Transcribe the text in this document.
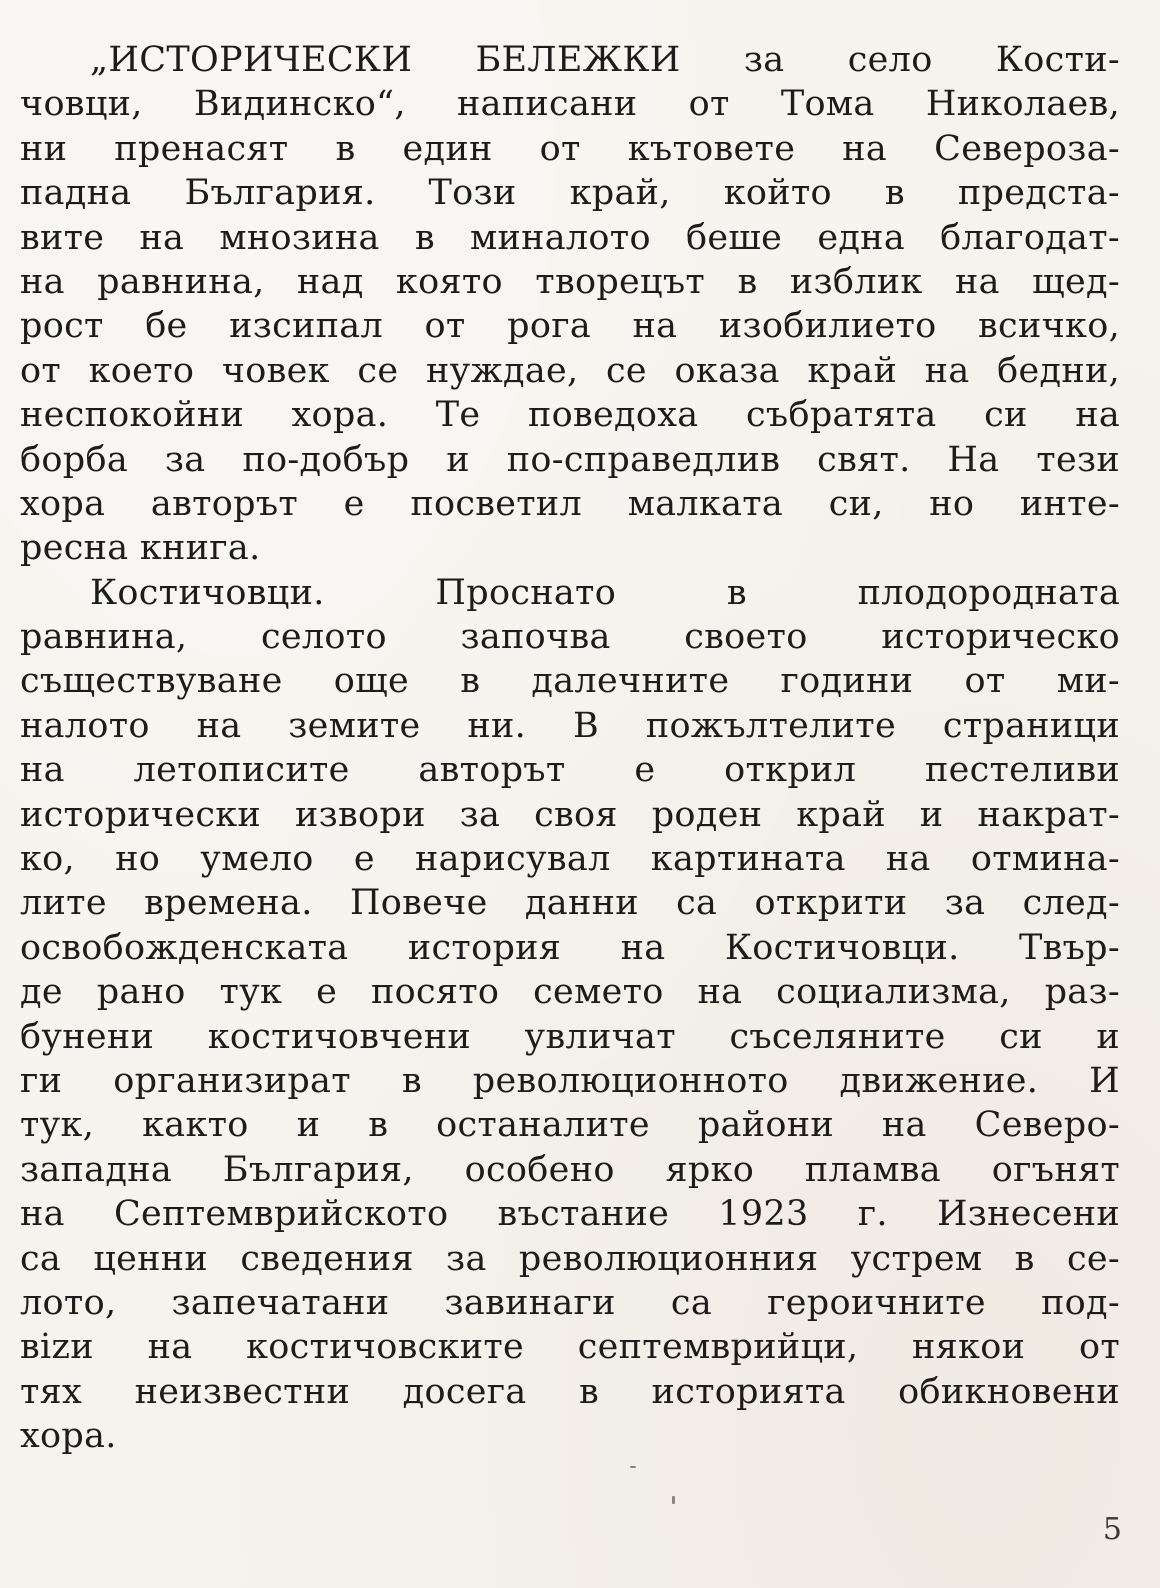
„ИСТОРИЧЕСКИ БЕЛЕЖКИ за село Кости-
човци, Видинско“, написани от Тома Николаев,
ни пренасят в един от кътовете на Североза-
падна България. Този край, който в предста-
вите на мнозина в миналото беше една благодат-
на равнина, над която творецът в изблик на щед-
рост бе изсипал от рога на изобилието всичко,
от което човек се нуждае, се оказа край на бедни,
неспокойни хора. Те поведоха събратята си на
борба за по-добър и по-справедлив свят. На тези
хора авторът е посветил малката си, но инте-
ресна книга.
Костичовци. Проснато в плодородната
равнина, селото започва своето историческо
съществуване още в далечните години от ми-
налото на земите ни. В пожълтелите страници
на летописите авторът е открил пестеливи
исторически извори за своя роден край и накрат-
ко, но умело е нарисувал картината на отмина-
лите времена. Повече данни са открити за след-
освобожденската история на Костичовци. Твър-
де рано тук е посято семето на социализма, раз-
бунени костичовчени увличат съселяните си и
ги организират в революционното движение. И
тук, както и в останалите райони на Северо-
западна България, особено ярко пламва огънят
на Септемврийското въстание 1923 г. Изнесени
са ценни сведения за революционния устрем в се-
лото, запечатани завинаги са героичните под-
вizи на костичовските септемврийци, някои от
тях неизвестни досега в историята обикновени
хора.
5
